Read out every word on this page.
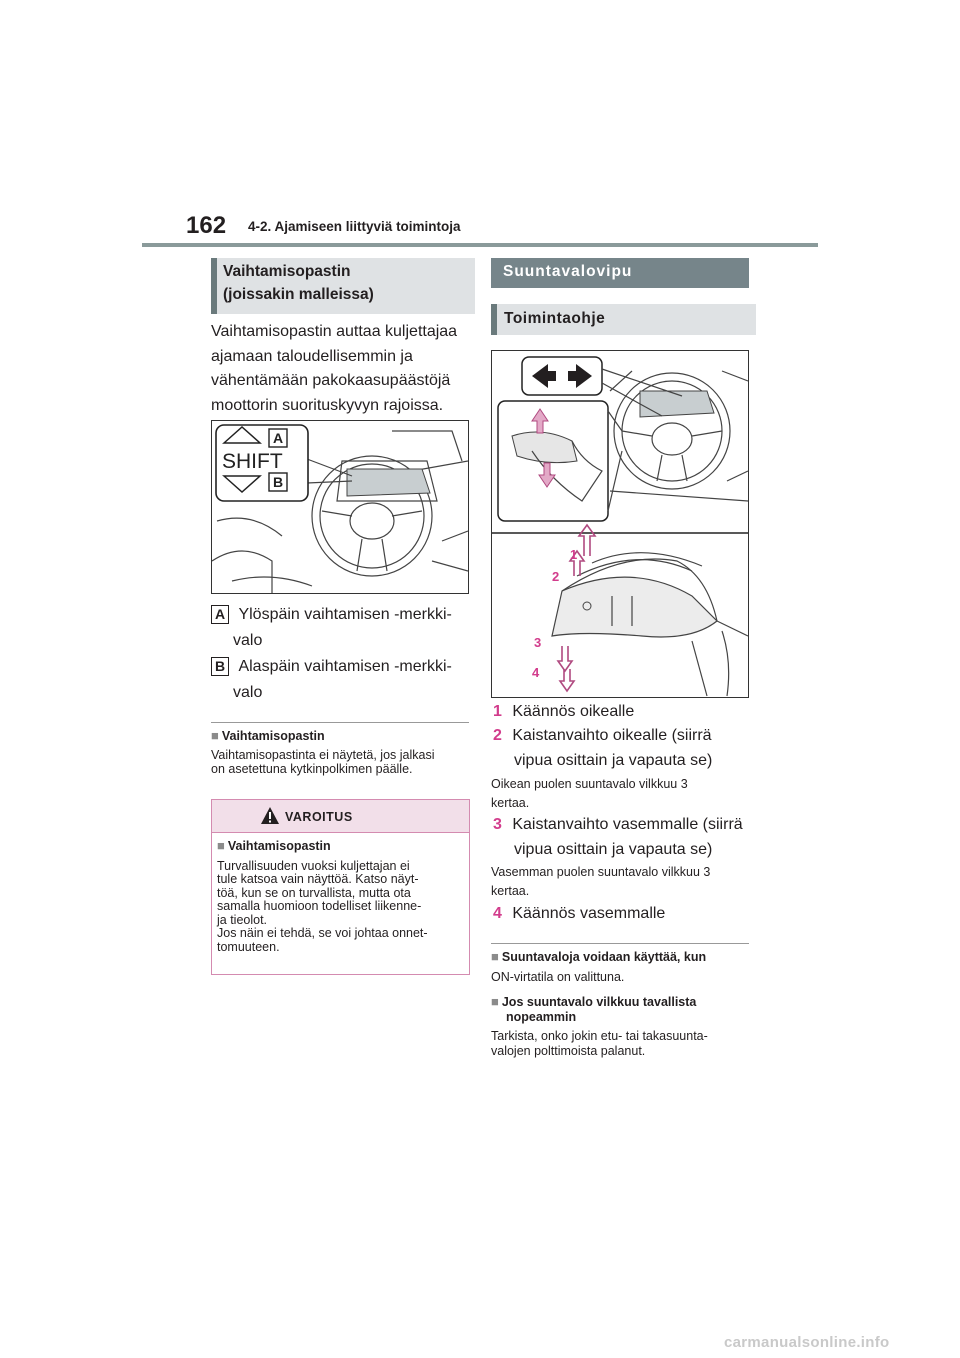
162 4-2. Ajamiseen liittyviä toimintoja
Vaihtamisopastin
(joissakin malleissa)
Vaihtamisopastin auttaa kuljettajaa
ajamaan taloudellisemmin ja
vähentämään pakokaasupäästöjä
moottorin suorituskyvyn rajoissa.
A
B
SHIFT
A Ylöspäin vaihtamisen -merkki-
valo
B Alaspäin vaihtamisen -merkki-
valo
■ Vaihtamisopastin
Vaihtamisopastinta ei näytetä, jos jalkasi
on asetettuna kytkinpolkimen päälle.
VAROITUS
■ Vaihtamisopastin
Turvallisuuden vuoksi kuljettajan ei
tule katsoa vain näyttöä. Katso näyt-
töä, kun se on turvallista, mutta ota
samalla huomioon todelliset liikenne-
ja tieolot.
Jos näin ei tehdä, se voi johtaa onnet-
tomuuteen.
Suuntavalovipu
Toimintaohje
1
2
3
4
1 Käännös oikealle
2 Kaistanvaihto oikealle (siirrä
vipua osittain ja vapauta se)
Oikean puolen suuntavalo vilkkuu 3
kertaa.
3 Kaistanvaihto vasemmalle (siirrä
vipua osittain ja vapauta se)
Vasemman puolen suuntavalo vilkkuu 3
kertaa.
4 Käännös vasemmalle
■ Suuntavaloja voidaan käyttää, kun
ON-virtatila on valittuna.
■ Jos suuntavalo vilkkuu tavallista
nopeammin
Tarkista, onko jokin etu- tai takasuunta-
valojen polttimoista palanut.
carmanualsonline.info
